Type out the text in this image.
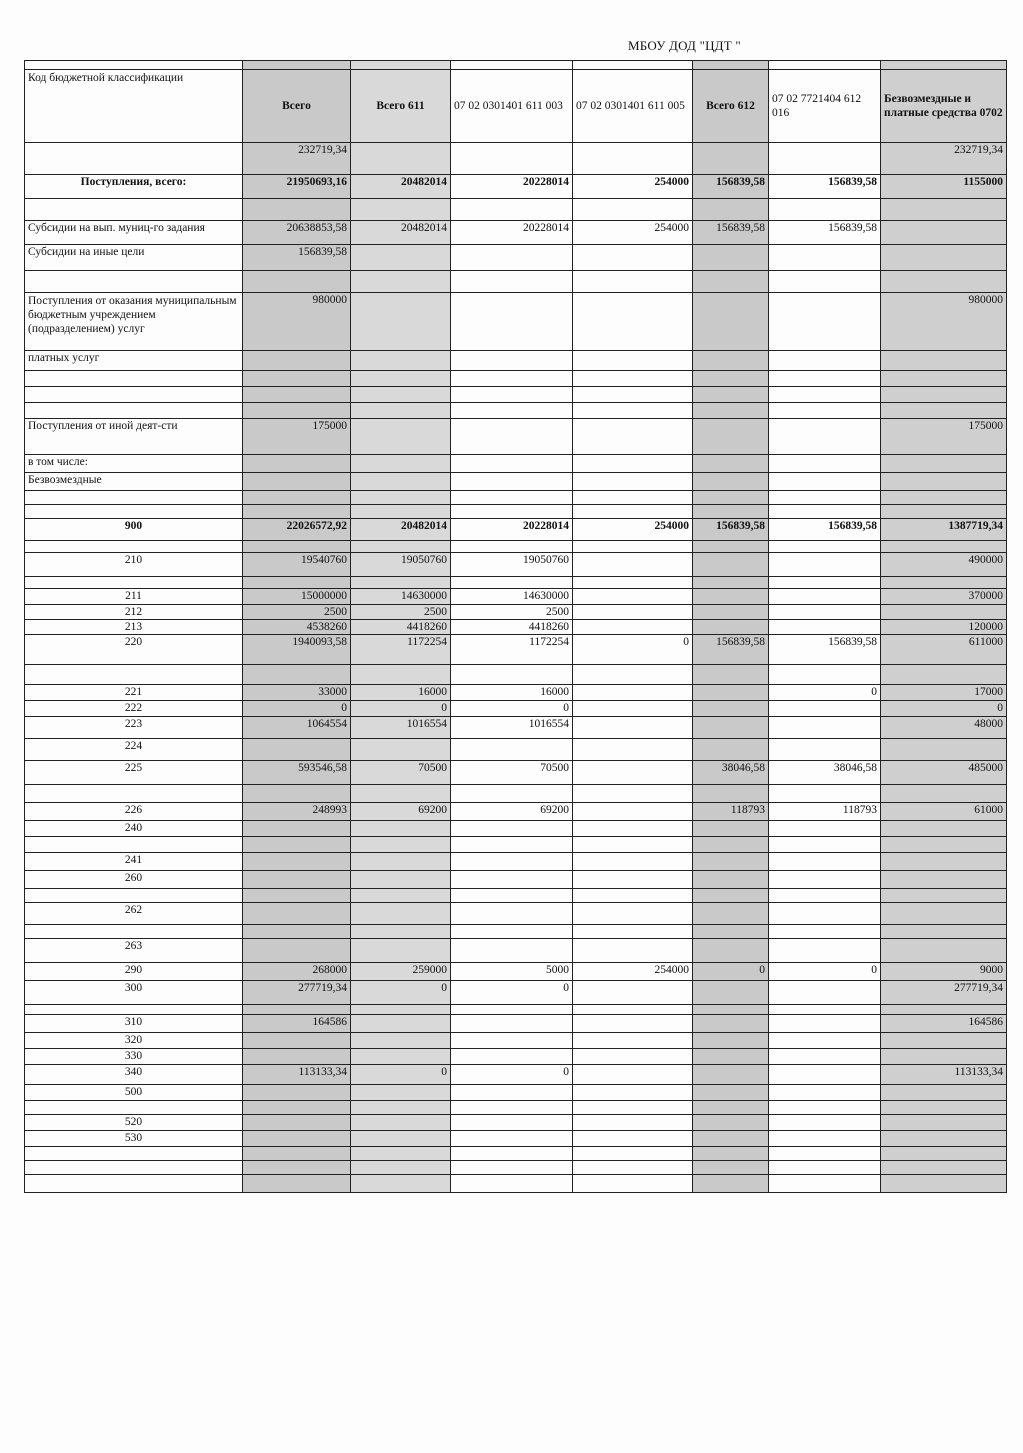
МБОУ ДОД "ЦДТ "

Код бюджетной классификации	Всего	Всего 611	07 02 0301401 611 003	07 02 0301401 611 005	Всего 612	07 02 7721404 612 016	Безвозмездные и платные средства 0702

	232719,34						232719,34
Поступления, всего:	21950693,16	20482014	20228014	254000	156839,58	156839,58	1155000

Субсидии на вып. муниц-го задания	20638853,58	20482014	20228014	254000	156839,58	156839,58	
Субсидии на иные цели	156839,58						

Поступления от оказания муниципальным бюджетным учреждением (подразделением) услуг	980000						980000
платных услуг							

Поступления от иной деят-сти	175000						175000
в том числе:							
Безвозмездные							

900	22026572,92	20482014	20228014	254000	156839,58	156839,58	1387719,34

210	19540760	19050760	19050760				490000

211	15000000	14630000	14630000				370000
212	2500	2500	2500				
213	4538260	4418260	4418260				120000
220	1940093,58	1172254	1172254	0	156839,58	156839,58	611000

221	33000	16000	16000			0	17000
222	0	0	0				0
223	1064554	1016554	1016554				48000
224							
225	593546,58	70500	70500		38046,58	38046,58	485000

226	248993	69200	69200		118793	118793	61000
240							

241							
260							

262							

263							
290	268000	259000	5000	254000	0	0	9000
300	277719,34	0	0				277719,34

310	164586						164586
320							
330							
340	113133,34	0	0				113133,34
500							

520							
530							
